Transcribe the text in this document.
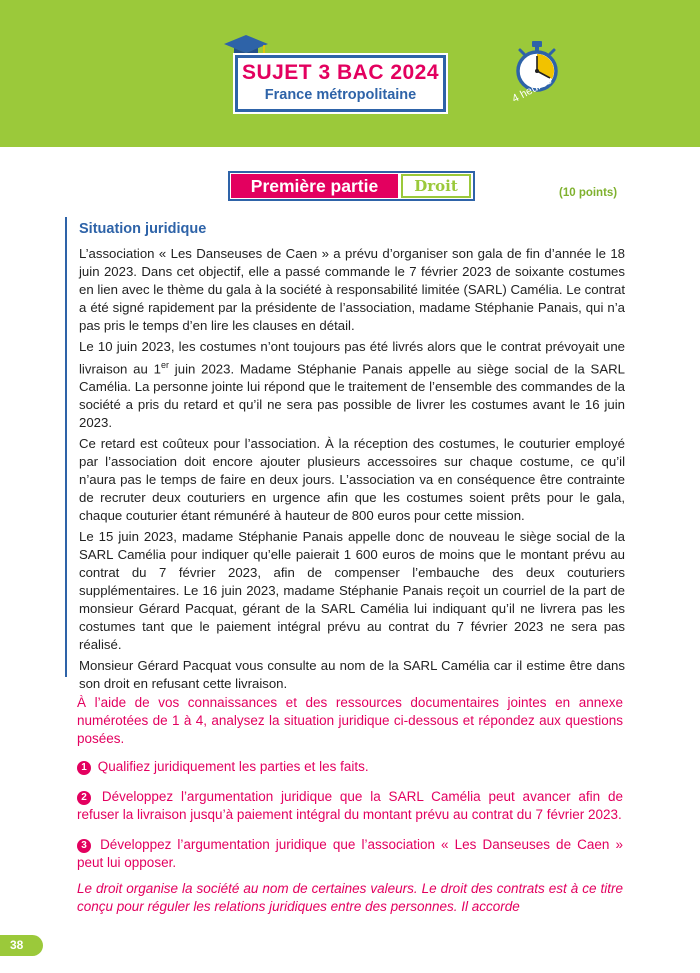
SUJET 3 BAC 2024
France métropolitaine	4 heures
Première partie	Droit	(10 points)
Situation juridique

L’association « Les Danseuses de Caen » a prévu d’organiser son gala de fin d’année le 18 juin 2023. Dans cet objectif, elle a passé commande le 7 février 2023 de soixante costumes en lien avec le thème du gala à la société à responsabilité limitée (SARL) Camélia. Le contrat a été signé rapidement par la présidente de l’association, madame Stéphanie Panais, qui n’a pas pris le temps d’en lire les clauses en détail.

Le 10 juin 2023, les costumes n’ont toujours pas été livrés alors que le contrat prévoyait une livraison au 1er juin 2023. Madame Stéphanie Panais appelle au siège social de la SARL Camélia. La personne jointe lui répond que le traitement de l’ensemble des commandes de la société a pris du retard et qu’il ne sera pas possible de livrer les costumes avant le 16 juin 2023.

Ce retard est coûteux pour l’association. À la réception des costumes, le couturier employé par l’association doit encore ajouter plusieurs accessoires sur chaque costume, ce qu’il n’aura pas le temps de faire en deux jours. L’association va en conséquence être contrainte de recruter deux couturiers en urgence afin que les costumes soient prêts pour le gala, chaque couturier étant rémunéré à hauteur de 800 euros pour cette mission.

Le 15 juin 2023, madame Stéphanie Panais appelle donc de nouveau le siège social de la SARL Camélia pour indiquer qu’elle paierait 1 600 euros de moins que le montant prévu au contrat du 7 février 2023, afin de compenser l’embauche des deux couturiers supplémentaires. Le 16 juin 2023, madame Stéphanie Panais reçoit un courriel de la part de monsieur Gérard Pacquat, gérant de la SARL Camélia lui indiquant qu’il ne livrera pas les costumes tant que le paiement intégral prévu au contrat du 7 février 2023 ne sera pas réalisé.

Monsieur Gérard Pacquat vous consulte au nom de la SARL Camélia car il estime être dans son droit en refusant cette livraison.

À l’aide de vos connaissances et des ressources documentaires jointes en annexe numérotées de 1 à 4, analysez la situation juridique ci-dessous et répondez aux questions posées.

1 Qualifiez juridiquement les parties et les faits.

2 Développez l’argumentation juridique que la SARL Camélia peut avancer afin de refuser la livraison jusqu’à paiement intégral du montant prévu au contrat du 7 février 2023.

3 Développez l’argumentation juridique que l’association « Les Danseuses de Caen » peut lui opposer.

Le droit organise la société au nom de certaines valeurs. Le droit des contrats est à ce titre conçu pour réguler les relations juridiques entre des personnes. Il accorde

38
